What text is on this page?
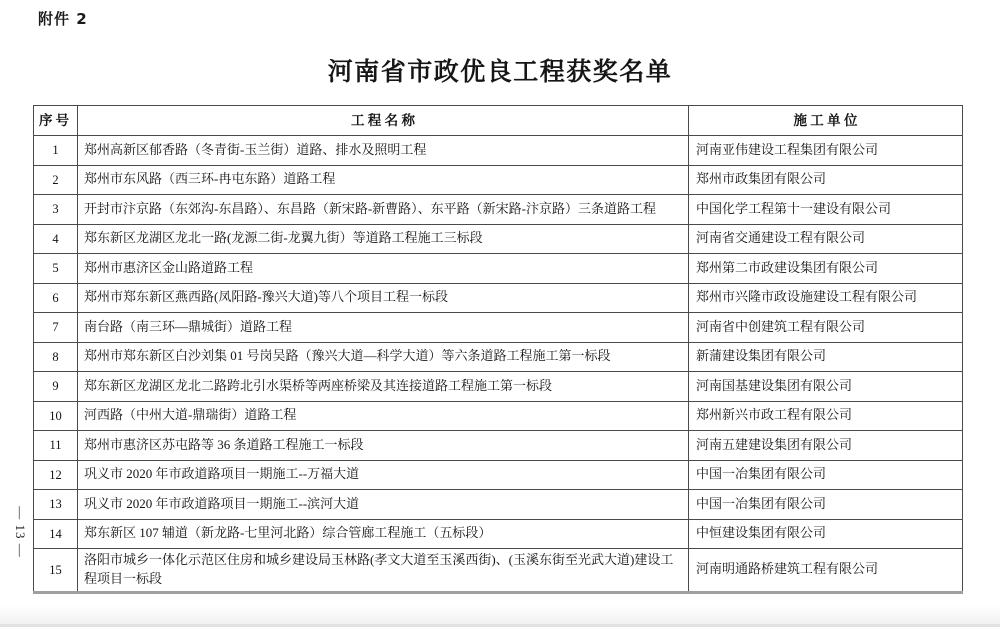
附件 2
河南省市政优良工程获奖名单
— 13 —
序号	工 程 名 称	施 工 单 位
1	郑州高新区郁香路（冬青街-玉兰街）道路、排水及照明工程	河南亚伟建设工程集团有限公司
2	郑州市东风路（西三环-冉屯东路）道路工程	郑州市政集团有限公司
3	开封市汴京路（东郊沟-东昌路）、东昌路（新宋路-新曹路）、东平路（新宋路-汴京路）三条道路工程	中国化学工程第十一建设有限公司
4	郑东新区龙湖区龙北一路(龙源二街-龙翼九街）等道路工程施工三标段	河南省交通建设工程有限公司
5	郑州市惠济区金山路道路工程	郑州第二市政建设集团有限公司
6	郑州市郑东新区燕西路(凤阳路-豫兴大道)等八个项目工程一标段	郑州市兴隆市政设施建设工程有限公司
7	南台路（南三环—鼎城街）道路工程	河南省中创建筑工程有限公司
8	郑州市郑东新区白沙刘集 01 号岗吴路（豫兴大道—科学大道）等六条道路工程施工第一标段	新蒲建设集团有限公司
9	郑东新区龙湖区龙北二路跨北引水渠桥等两座桥梁及其连接道路工程施工第一标段	河南国基建设集团有限公司
10	河西路（中州大道-鼎瑞街）道路工程	郑州新兴市政工程有限公司
11	郑州市惠济区苏屯路等 36 条道路工程施工一标段	河南五建建设集团有限公司
12	巩义市 2020 年市政道路项目一期施工--万福大道	中国一冶集团有限公司
13	巩义市 2020 年市政道路项目一期施工--滨河大道	中国一冶集团有限公司
14	郑东新区 107 辅道（新龙路-七里河北路）综合管廊工程施工（五标段）	中恒建设集团有限公司
15	洛阳市城乡一体化示范区住房和城乡建设局玉林路(孝文大道至玉溪西街)、(玉溪东街至光武大道)建设工程项目一标段	河南明通路桥建筑工程有限公司
